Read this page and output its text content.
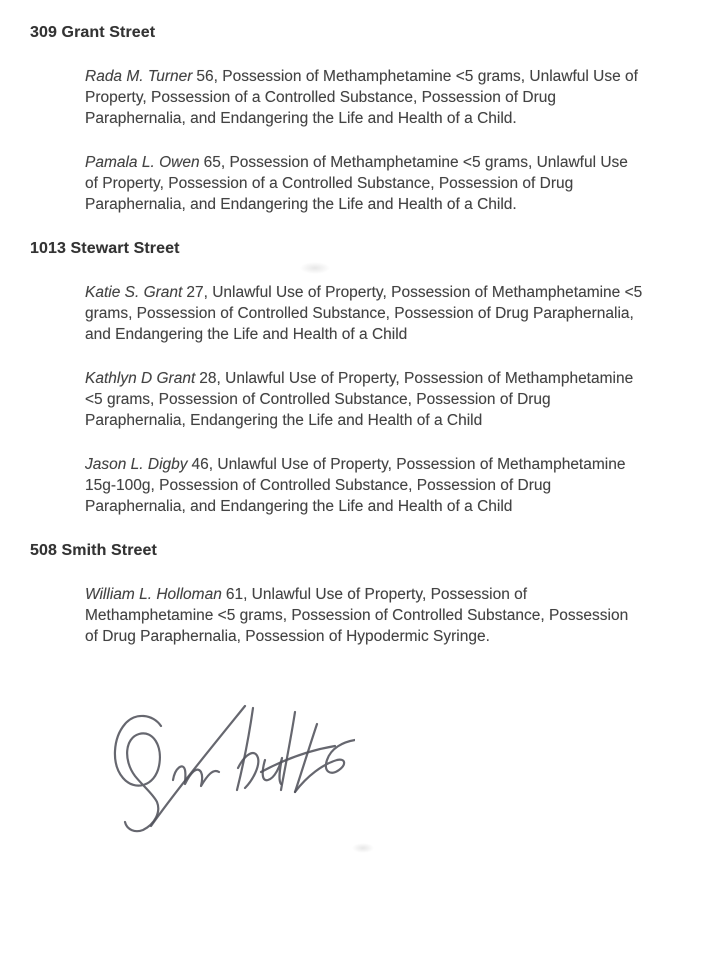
309 Grant Street
Rada M. Turner 56, Possession of Methamphetamine <5 grams, Unlawful Use of
Property, Possession of a Controlled Substance, Possession of Drug
Paraphernalia, and Endangering the Life and Health of a Child.
Pamala L. Owen 65, Possession of Methamphetamine <5 grams, Unlawful Use
of Property, Possession of a Controlled Substance, Possession of Drug
Paraphernalia, and Endangering the Life and Health of a Child.
1013 Stewart Street
Katie S. Grant 27, Unlawful Use of Property, Possession of Methamphetamine <5
grams, Possession of Controlled Substance, Possession of Drug Paraphernalia,
and Endangering the Life and Health of a Child
Kathlyn D Grant 28, Unlawful Use of Property, Possession of Methamphetamine
<5 grams, Possession of Controlled Substance, Possession of Drug
Paraphernalia, Endangering the Life and Health of a Child
Jason L. Digby 46, Unlawful Use of Property, Possession of Methamphetamine
15g-100g, Possession of Controlled Substance, Possession of Drug
Paraphernalia, and Endangering the Life and Health of a Child
508 Smith Street
William L. Holloman 61, Unlawful Use of Property, Possession of
Methamphetamine <5 grams, Possession of Controlled Substance, Possession
of Drug Paraphernalia, Possession of Hypodermic Syringe.
